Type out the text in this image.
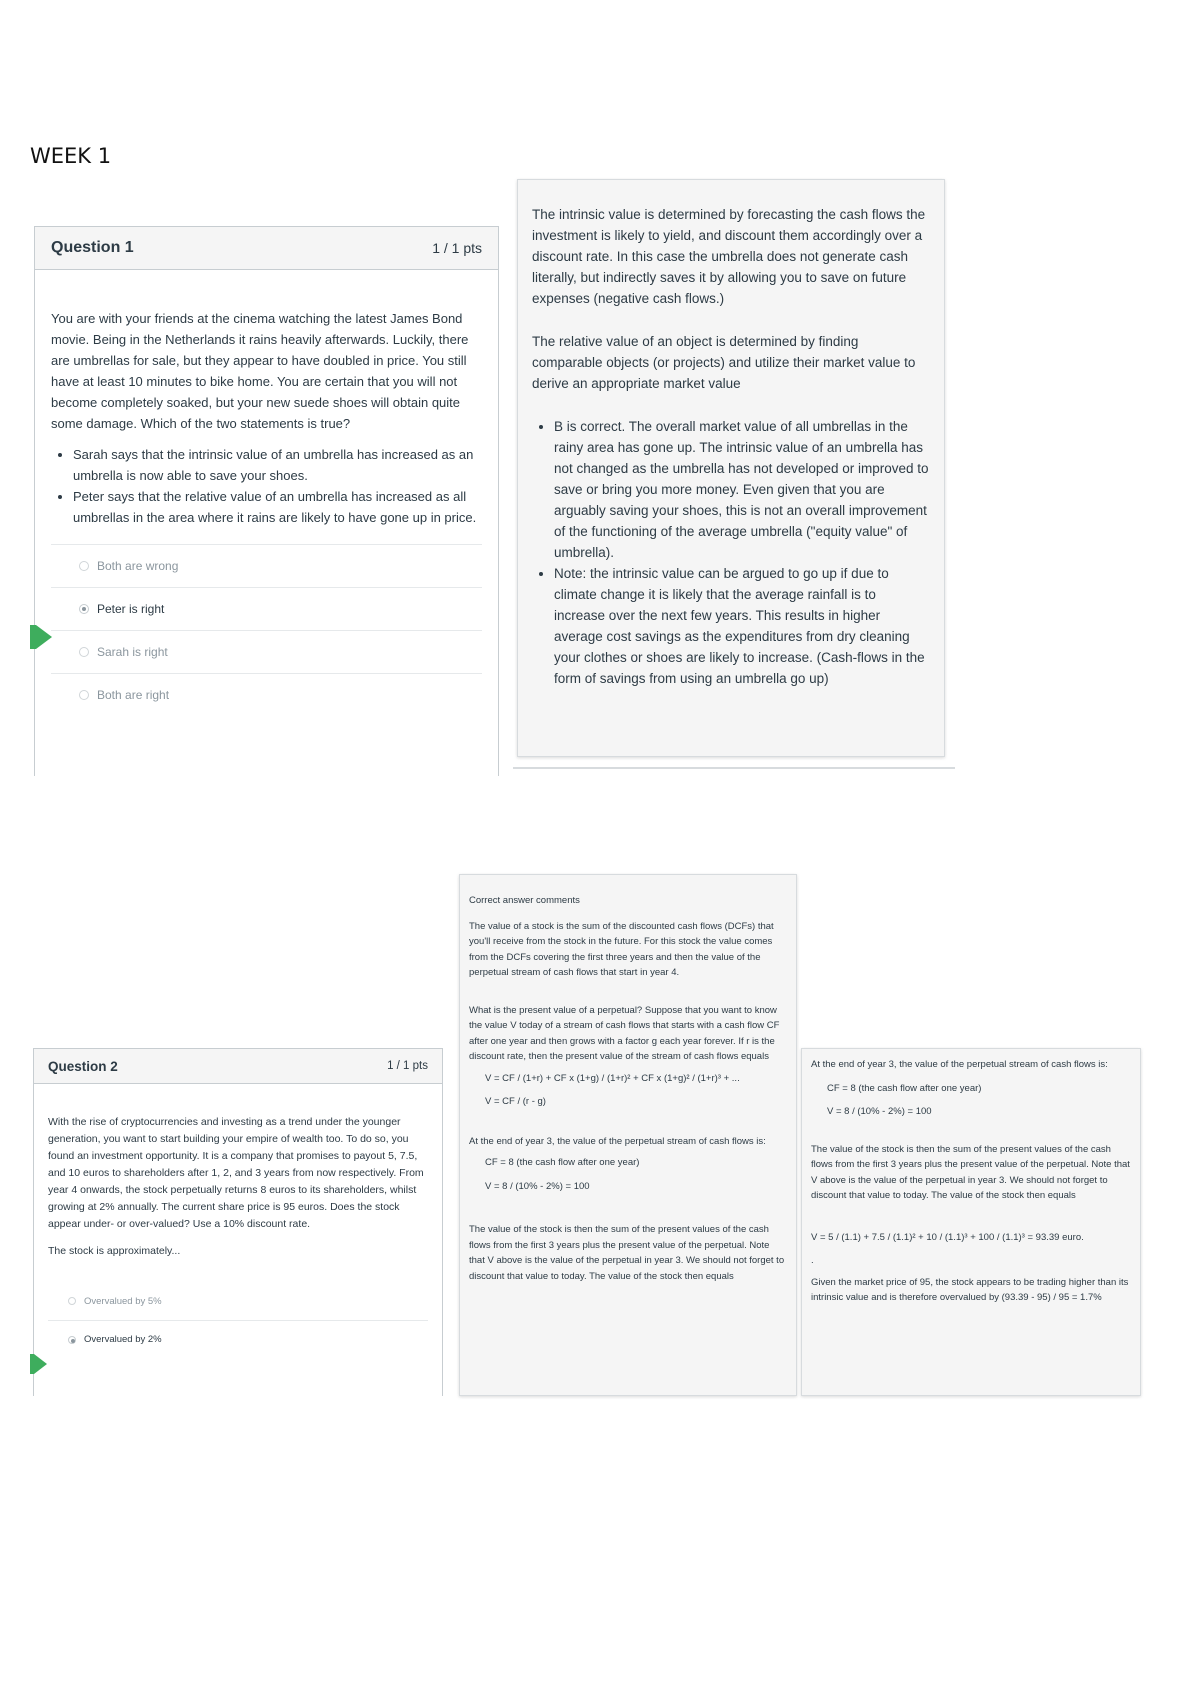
WEEK 1
Question 1	1 / 1 pts

You are with your friends at the cinema watching the latest James Bond movie. Being in the Netherlands it rains heavily afterwards. Luckily, there are umbrellas for sale, but they appear to have doubled in price. You still have at least 10 minutes to bike home. You are certain that you will not become completely soaked, but your new suede shoes will obtain quite some damage. Which of the two statements is true?

• Sarah says that the intrinsic value of an umbrella has increased as an umbrella is now able to save your shoes.
• Peter says that the relative value of an umbrella has increased as all umbrellas in the area where it rains are likely to have gone up in price.
Both are wrong
Peter is right
Sarah is right
Both are right

The intrinsic value is determined by forecasting the cash flows the investment is likely to yield, and discount them accordingly over a discount rate. In this case the umbrella does not generate cash literally, but indirectly saves it by allowing you to save on future expenses (negative cash flows.)

The relative value of an object is determined by finding comparable objects (or projects) and utilize their market value to derive an appropriate market value

• B is correct. The overall market value of all umbrellas in the rainy area has gone up. The intrinsic value of an umbrella has not changed as the umbrella has not developed or improved to save or bring you more money. Even given that you are arguably saving your shoes, this is not an overall improvement of the functioning of the average umbrella ("equity value" of umbrella).
• Note: the intrinsic value can be argued to go up if due to climate change it is likely that the average rainfall is to increase over the next few years. This results in higher average cost savings as the expenditures from dry cleaning your clothes or shoes are likely to increase. (Cash-flows in the form of savings from using an umbrella go up)
Question 2	1 / 1 pts

With the rise of cryptocurrencies and investing as a trend under the younger generation, you want to start building your empire of wealth too. To do so, you found an investment opportunity. It is a company that promises to payout 5, 7.5, and 10 euros to shareholders after 1, 2, and 3 years from now respectively. From year 4 onwards, the stock perpetually returns 8 euros to its shareholders, whilst growing at 2% annually. The current share price is 95 euros. Does the stock appear under- or over-valued? Use a 10% discount rate.

The stock is approximately...

Overvalued by 5%
Overvalued by 2%

Correct answer comments

The value of a stock is the sum of the discounted cash flows (DCFs) that you'll receive from the stock in the future. For this stock the value comes from the DCFs covering the first three years and then the value of the perpetual stream of cash flows that start in year 4.

What is the present value of a perpetual? Suppose that you want to know the value V today of a stream of cash flows that starts with a cash flow CF after one year and then grows with a factor g each year forever. If r is the discount rate, then the present value of the stream of cash flows equals

V = CF / (1+r) + CF x (1+g) / (1+r)² + CF x (1+g)² / (1+r)³ + ...

V = CF / (r - g)

At the end of year 3, the value of the perpetual stream of cash flows is:

CF = 8 (the cash flow after one year)

V = 8 / (10% - 2%) = 100

The value of the stock is then the sum of the present values of the cash flows from the first 3 years plus the present value of the perpetual. Note that V above is the value of the perpetual in year 3. We should not forget to discount that value to today. The value of the stock then equals

At the end of year 3, the value of the perpetual stream of cash flows is:

CF = 8 (the cash flow after one year)

V = 8 / (10% - 2%) = 100

The value of the stock is then the sum of the present values of the cash flows from the first 3 years plus the present value of the perpetual. Note that V above is the value of the perpetual in year 3. We should not forget to discount that value to today. The value of the stock then equals

V = 5 / (1.1) + 7.5 / (1.1)² + 10 / (1.1)³ + 100 / (1.1)³ = 93.39 euro.

.

Given the market price of 95, the stock appears to be trading higher than its intrinsic value and is therefore overvalued by (93.39 - 95) / 95 = 1.7%
